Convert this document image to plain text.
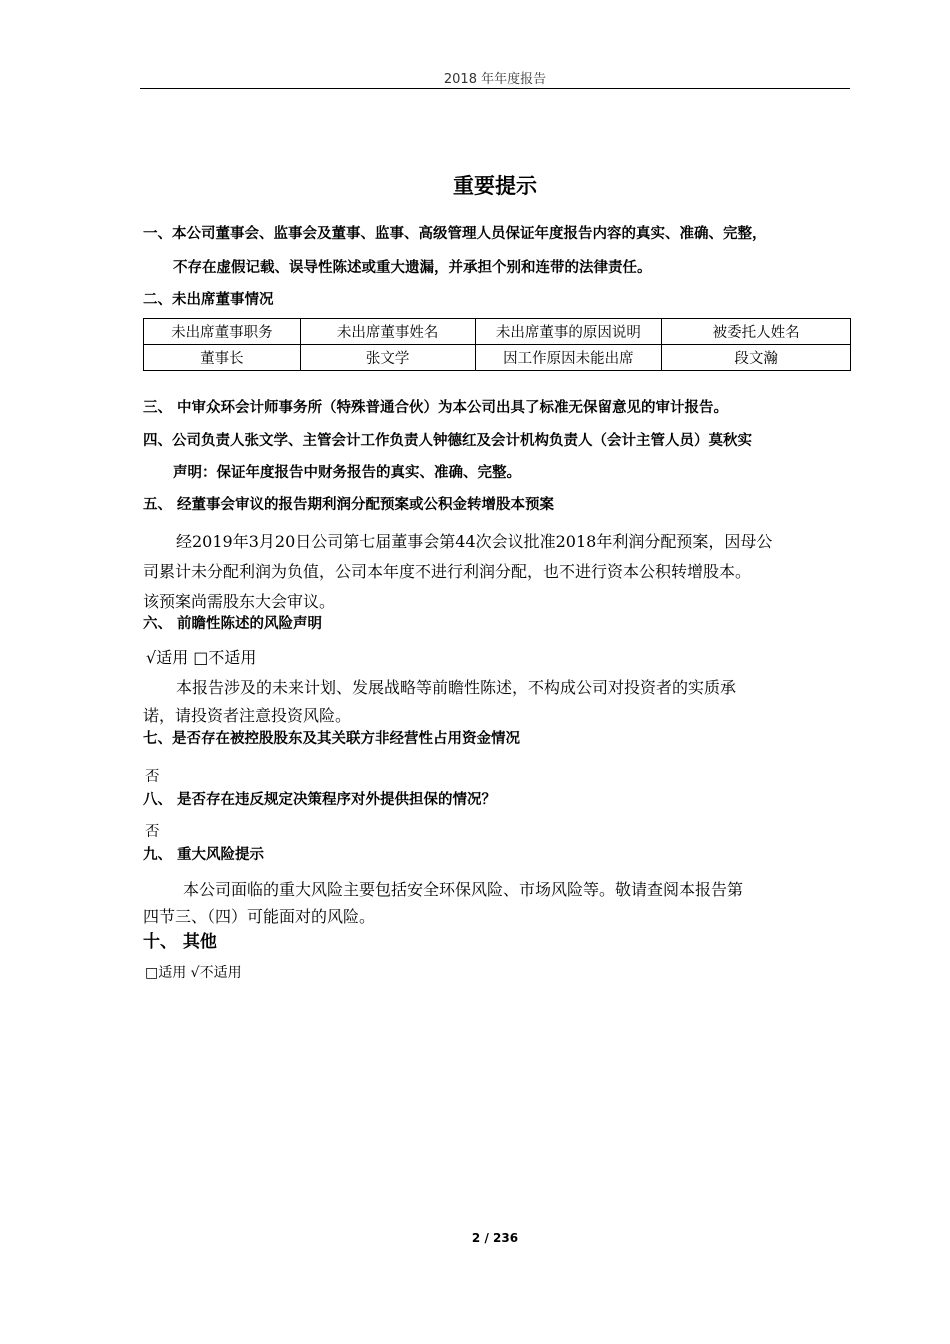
2018 年年度报告
重要提示
一、本公司董事会、监事会及董事、监事、高级管理人员保证年度报告内容的真实、准确、完整，
不存在虚假记载、误导性陈述或重大遗漏，并承担个别和连带的法律责任。
二、未出席董事情况
未出席董事职务	未出席董事姓名	未出席董事的原因说明	被委托人姓名
董事长	张文学	因工作原因未能出席	段文瀚
三、 中审众环会计师事务所（特殊普通合伙）为本公司出具了标准无保留意见的审计报告。
四、公司负责人张文学、主管会计工作负责人钟德红及会计机构负责人（会计主管人员）莫秋实
声明：保证年度报告中财务报告的真实、准确、完整。
五、 经董事会审议的报告期利润分配预案或公积金转增股本预案
经2019年3月20日公司第七届董事会第44次会议批准2018年利润分配预案，因母公
司累计未分配利润为负值，公司本年度不进行利润分配，也不进行资本公积转增股本。
该预案尚需股东大会审议。
六、 前瞻性陈述的风险声明
√适用 □不适用
本报告涉及的未来计划、发展战略等前瞻性陈述，不构成公司对投资者的实质承
诺，请投资者注意投资风险。
七、是否存在被控股股东及其关联方非经营性占用资金情况
否
八、 是否存在违反规定决策程序对外提供担保的情况？
否
九、 重大风险提示
本公司面临的重大风险主要包括安全环保风险、市场风险等。敬请查阅本报告第
四节三、（四）可能面对的风险。
十、 其他
□适用 √不适用
2 / 236
